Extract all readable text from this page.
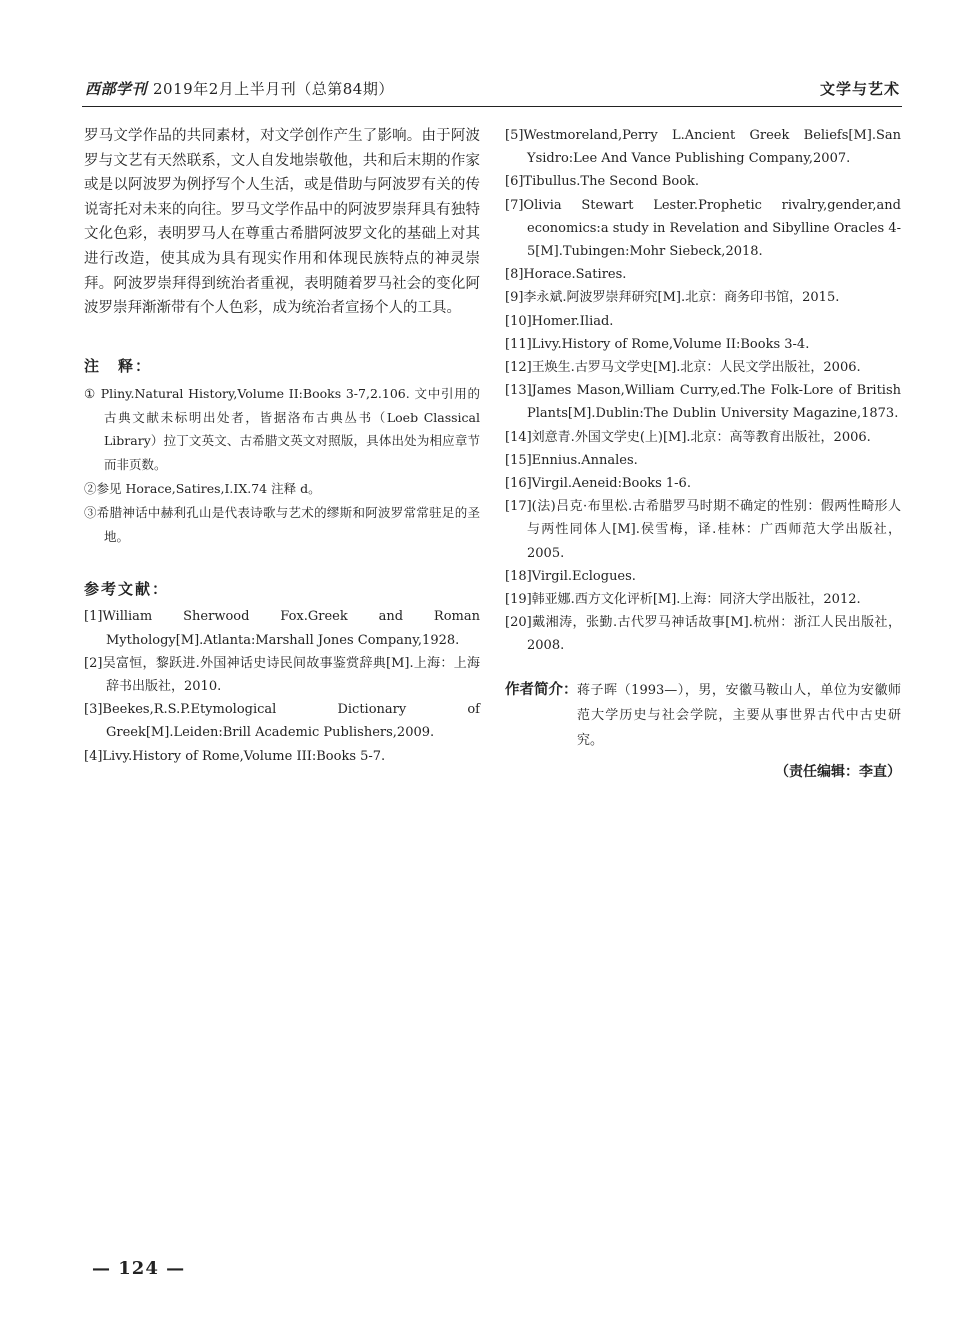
西部学刊 2019年2月上半月刊（总第84期）	文学与艺术

罗马文学作品的共同素材，对文学创作产生了影响。由于阿波罗与文艺有天然联系，文人自发地崇敬他，共和后末期的作家或是以阿波罗为例抒写个人生活，或是借助与阿波罗有关的传说寄托对未来的向往。罗马文学作品中的阿波罗崇拜具有独特文化色彩，表明罗马人在尊重古希腊阿波罗文化的基础上对其进行改造，使其成为具有现实作用和体现民族特点的神灵崇拜。阿波罗崇拜得到统治者重视，表明随着罗马社会的变化阿波罗崇拜渐渐带有个人色彩，成为统治者宣扬个人的工具。

注　释：
① Pliny.Natural History,Volume II:Books 3-7,2.106. 文中引用的古典文献未标明出处者，皆据洛布古典丛书（Loeb Classical Library）拉丁文英文、古希腊文英文对照版，具体出处为相应章节而非页数。
②参见 Horace,Satires,I.IX.74 注释 d。
③希腊神话中赫利孔山是代表诗歌与艺术的缪斯和阿波罗常常驻足的圣地。
参考文献：
[1]William Sherwood Fox.Greek and Roman Mythology[M].Atlanta:Marshall Jones Company,1928.
[2]吴富恒，黎跃进.外国神话史诗民间故事鉴赏辞典[M].上海：上海辞书出版社，2010.
[3]Beekes,R.S.P.Etymological Dictionary of Greek[M].Leiden:Brill Academic Publishers,2009.
[4]Livy.History of Rome,Volume III:Books 5-7.
[5]Westmoreland,Perry L.Ancient Greek Beliefs[M].San Ysidro:Lee And Vance Publishing Company,2007.
[6]Tibullus.The Second Book.
[7]Olivia Stewart Lester.Prophetic rivalry,gender,and economics:a study in Revelation and Sibylline Oracles 4-5[M].Tubingen:Mohr Siebeck,2018.
[8]Horace.Satires.
[9]李永斌.阿波罗崇拜研究[M].北京：商务印书馆，2015.
[10]Homer.Iliad.
[11]Livy.History of Rome,Volume II:Books 3-4.
[12]王焕生.古罗马文学史[M].北京：人民文学出版社，2006.
[13]James Mason,William Curry,ed.The Folk-Lore of British Plants[M].Dublin:The Dublin University Magazine,1873.
[14]刘意青.外国文学史(上)[M].北京：高等教育出版社，2006.
[15]Ennius.Annales.
[16]Virgil.Aeneid:Books 1-6.
[17](法)吕克·布里松.古希腊罗马时期不确定的性别：假两性畸形人与两性同体人[M].侯雪梅，译.桂林：广西师范大学出版社，2005.
[18]Virgil.Eclogues.
[19]韩亚娜.西方文化评析[M].上海：同济大学出版社，2012.
[20]戴湘涛，张勤.古代罗马神话故事[M].杭州：浙江人民出版社，2008.
作者简介： 蒋子晖（1993—），男，安徽马鞍山人，单位为安徽师范大学历史与社会学院，主要从事世界古代中古史研究。
（责任编辑：李直）
— 124 —
